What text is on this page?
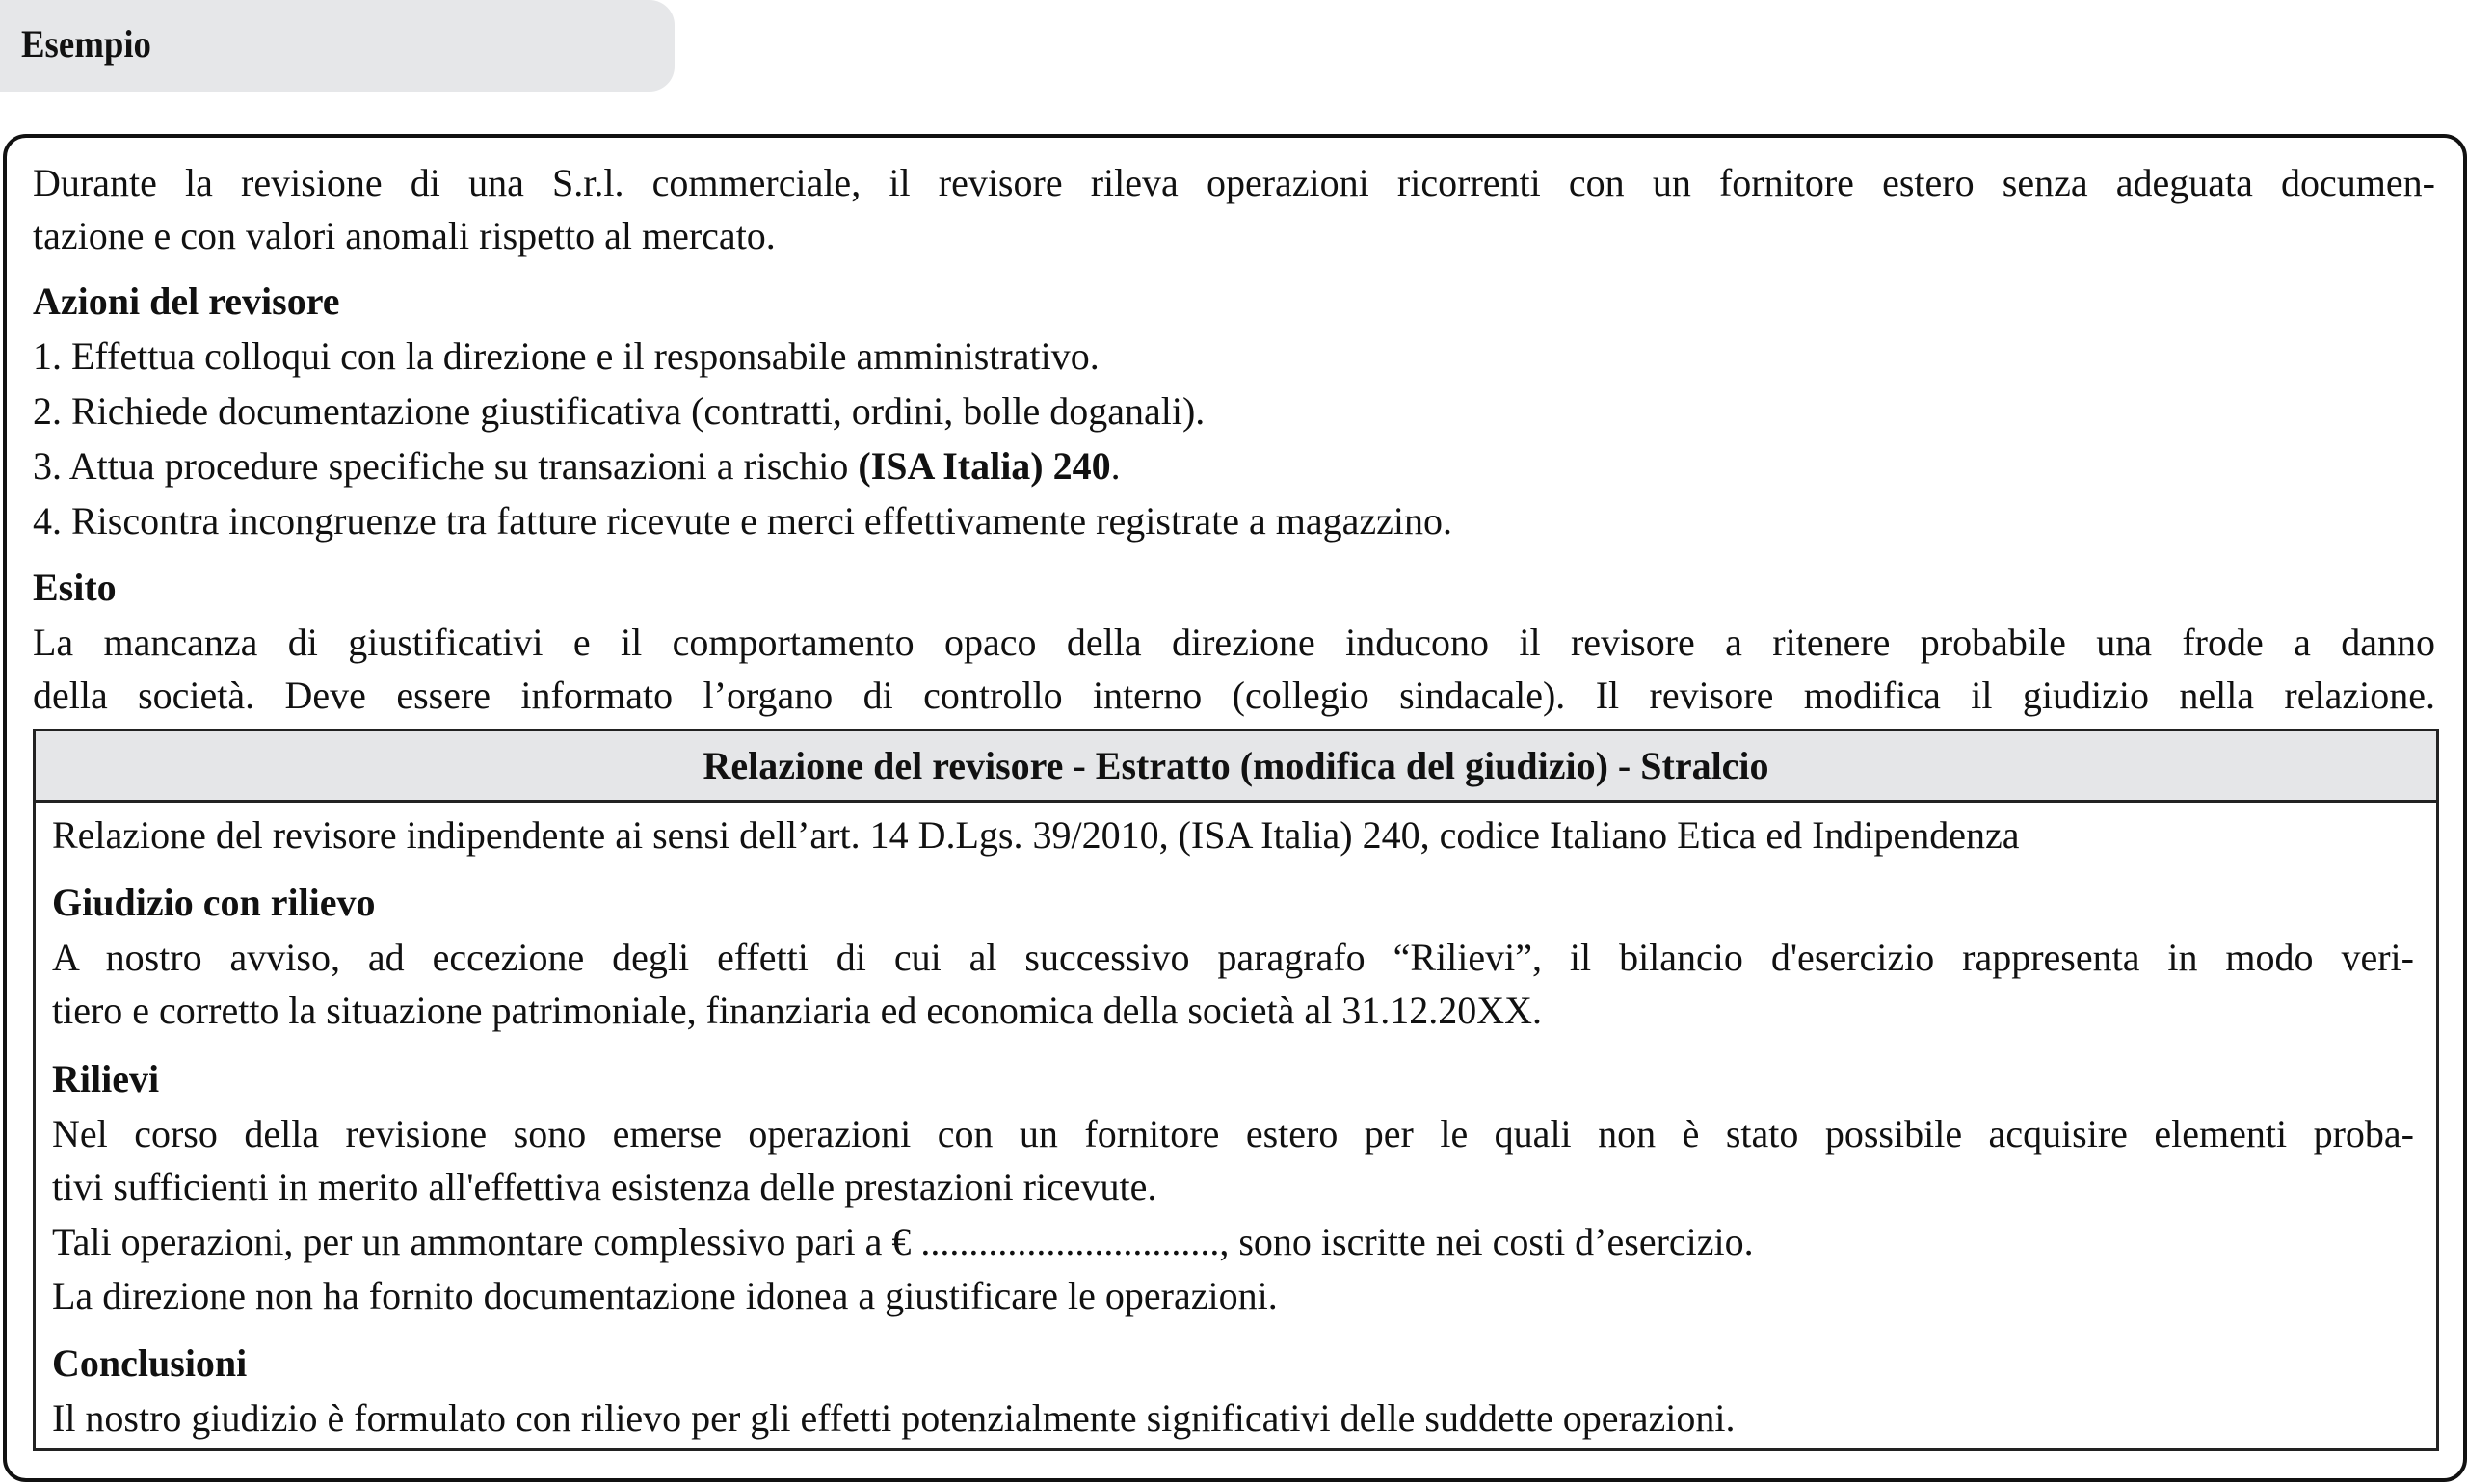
Esempio
Durante la revisione di una S.r.l. commerciale, il revisore rileva operazioni ricorrenti con un fornitore estero senza adeguata documen-
tazione e con valori anomali rispetto al mercato.
Azioni del revisore
1. Effettua colloqui con la direzione e il responsabile amministrativo.
2. Richiede documentazione giustificativa (contratti, ordini, bolle doganali).
3. Attua procedure specifiche su transazioni a rischio (ISA Italia) 240.
4. Riscontra incongruenze tra fatture ricevute e merci effettivamente registrate a magazzino.
Esito
La mancanza di giustificativi e il comportamento opaco della direzione inducono il revisore a ritenere probabile una frode a danno
della società. Deve essere informato l’organo di controllo interno (collegio sindacale). Il revisore modifica il giudizio nella relazione.
Relazione del revisore - Estratto (modifica del giudizio) - Stralcio
Relazione del revisore indipendente ai sensi dell’art. 14 D.Lgs. 39/2010, (ISA Italia) 240, codice Italiano Etica ed Indipendenza
Giudizio con rilievo
A nostro avviso, ad eccezione degli effetti di cui al successivo paragrafo “Rilievi”, il bilancio d'esercizio rappresenta in modo veri-
tiero e corretto la situazione patrimoniale, finanziaria ed economica della società al 31.12.20XX.
Rilievi
Nel corso della revisione sono emerse operazioni con un fornitore estero per le quali non è stato possibile acquisire elementi proba-
tivi sufficienti in merito all'effettiva esistenza delle prestazioni ricevute.
Tali operazioni, per un ammontare complessivo pari a € ..............................., sono iscritte nei costi d’esercizio.
La direzione non ha fornito documentazione idonea a giustificare le operazioni.
Conclusioni
Il nostro giudizio è formulato con rilievo per gli effetti potenzialmente significativi delle suddette operazioni.
